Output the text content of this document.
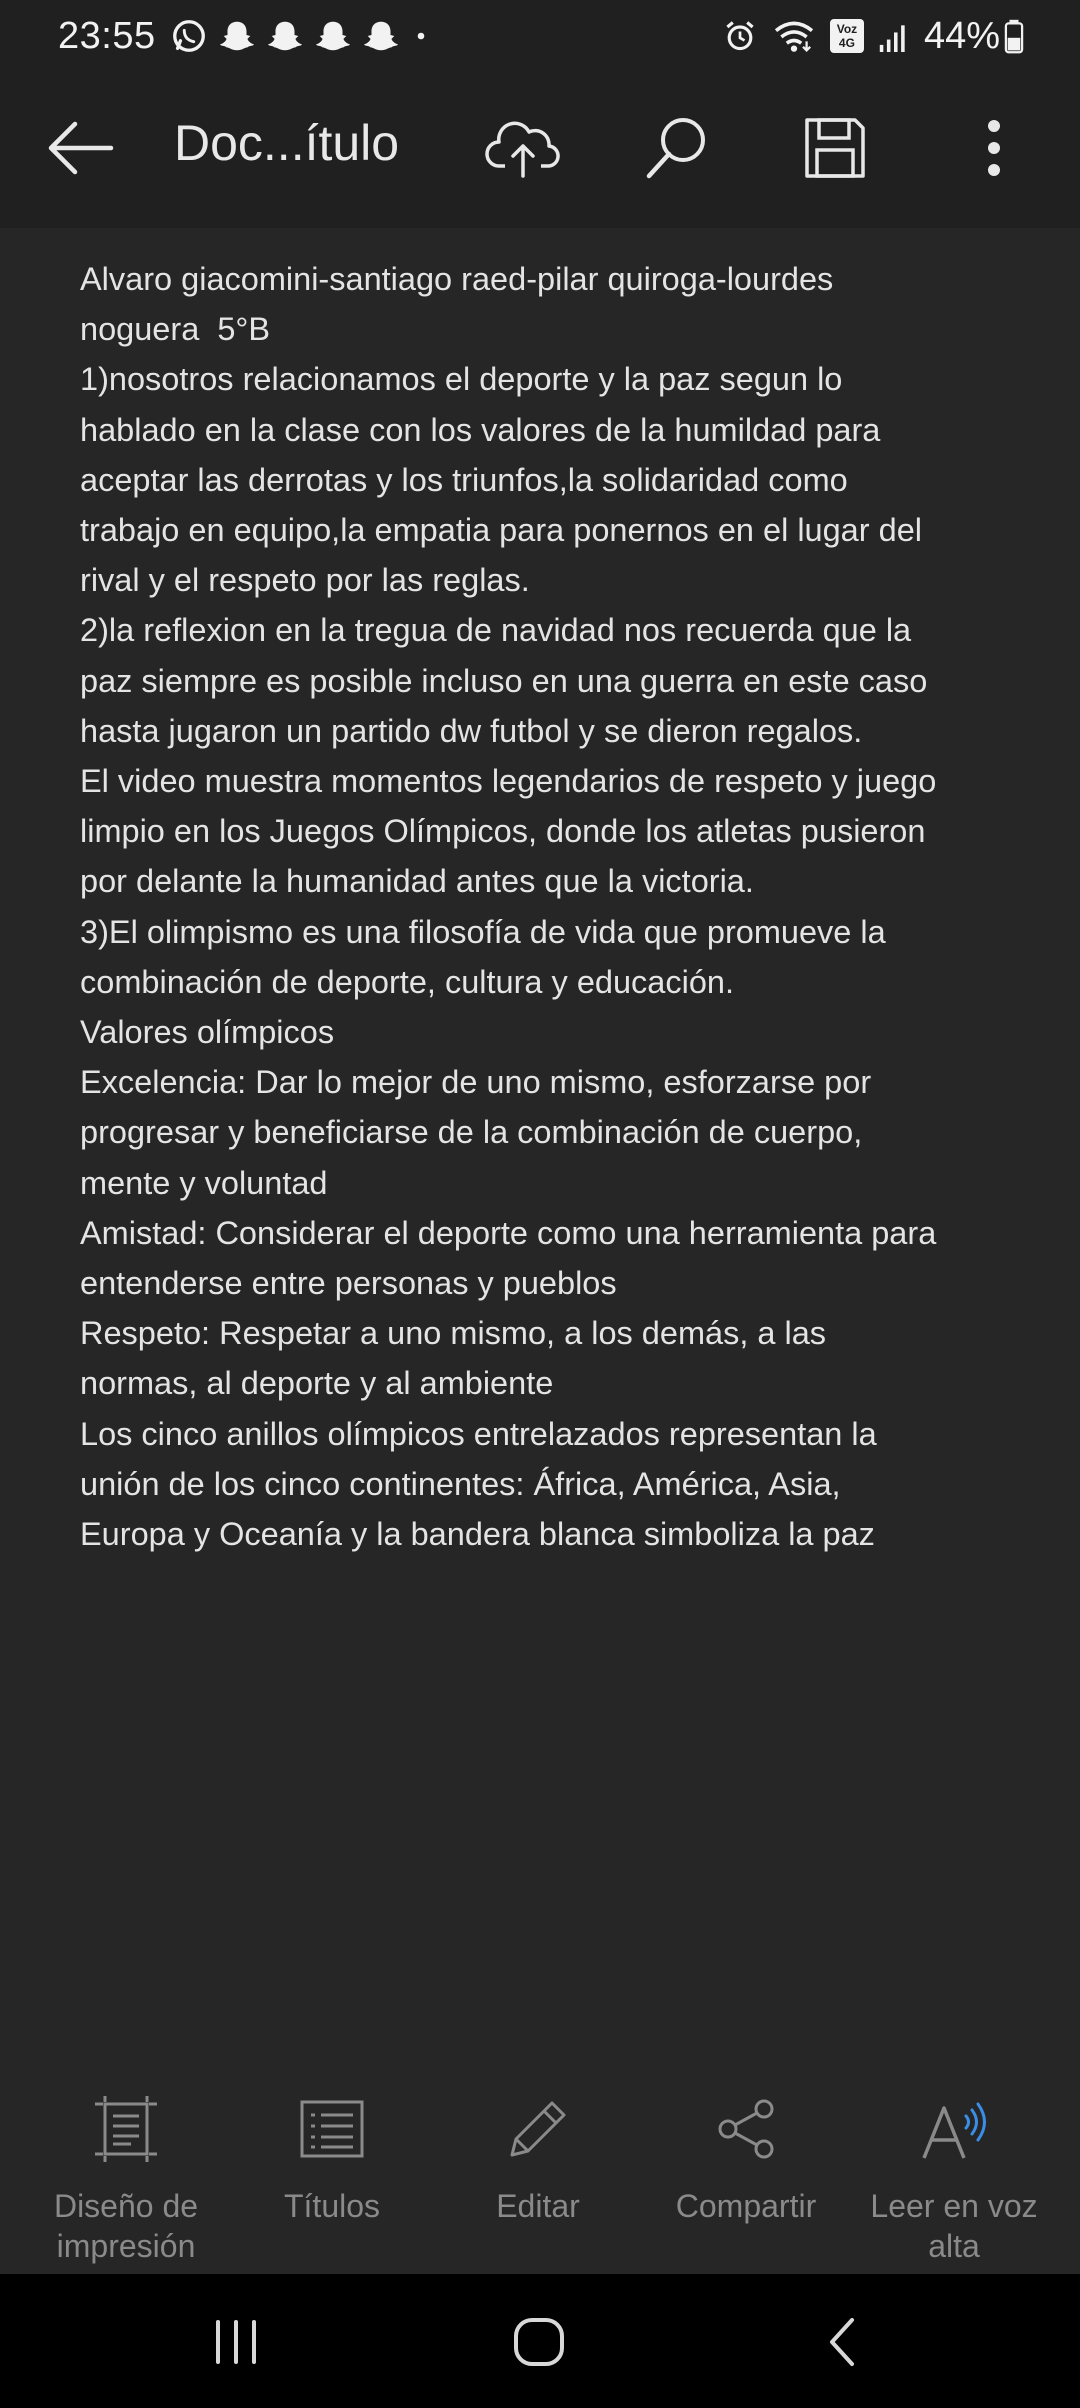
23:55	Voz 4G 44%
Doc...ítulo
Alvaro giacomini-santiago raed-pilar quiroga-lourdes
noguera  5°B
1)nosotros relacionamos el deporte y la paz segun lo
hablado en la clase con los valores de la humildad para
aceptar las derrotas y los triunfos,la solidaridad como
trabajo en equipo,la empatia para ponernos en el lugar del
rival y el respeto por las reglas.
2)la reflexion en la tregua de navidad nos recuerda que la
paz siempre es posible incluso en una guerra en este caso
hasta jugaron un partido dw futbol y se dieron regalos.
El video muestra momentos legendarios de respeto y juego
limpio en los Juegos Olímpicos, donde los atletas pusieron
por delante la humanidad antes que la victoria.
3)El olimpismo es una filosofía de vida que promueve la
combinación de deporte, cultura y educación.
Valores olímpicos
Excelencia: Dar lo mejor de uno mismo, esforzarse por
progresar y beneficiarse de la combinación de cuerpo,
mente y voluntad
Amistad: Considerar el deporte como una herramienta para
entenderse entre personas y pueblos
Respeto: Respetar a uno mismo, a los demás, a las
normas, al deporte y al ambiente
Los cinco anillos olímpicos entrelazados representan la
unión de los cinco continentes: África, América, Asia,
Europa y Oceanía y la bandera blanca simboliza la paz
Diseño de
impresión
Títulos	Editar	Compartir	Leer en voz
alta
